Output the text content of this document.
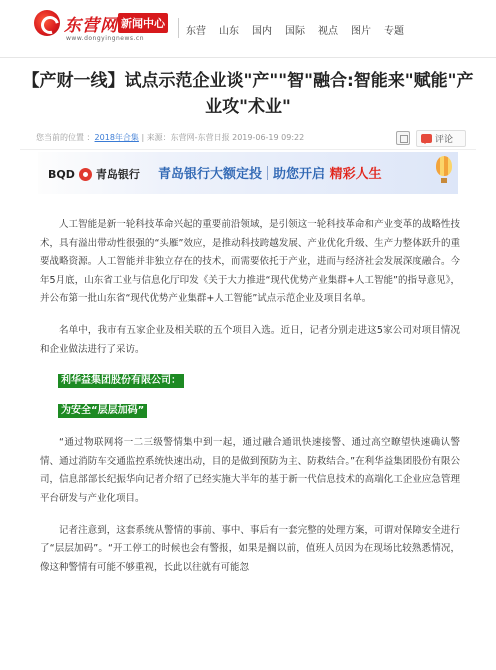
东营网 新闻中心
www.dongyingnews.cn
东营 山东 国内 国际 视点 图片 专题
【产财一线】试点示范企业谈"产""智"融合:智能来"赋能"产业攻"术业"
您当前的位置 ：2018年合集 | 来源：东营网-东营日报 2019-06-19 09:22	评论
BQD 青岛银行 青岛银行大额定投 助您开启 精彩人生

人工智能是新一轮科技革命兴起的重要前沿领域，是引领这一轮科技革命和产业变革的战略性技术，具有溢出带动性很强的“头雁”效应，是推动科技跨越发展、产业优化升级、生产力整体跃升的重要战略资源。人工智能并非独立存在的技术，而需要依托于产业，进而与经济社会发展深度融合。今年5月底，山东省工业与信息化厅印发《关于大力推进“现代优势产业集群+人工智能”的指导意见》，并公布第一批山东省“现代优势产业集群+人工智能”试点示范企业及项目名单。

名单中，我市有五家企业及相关联的五个项目入选。近日，记者分别走进这5家公司对项目情况和企业做法进行了采访。

利华益集团股份有限公司：
为安全“层层加码”

“通过物联网将一二三级警情集中到一起，通过融合通讯快速接警、通过高空瞭望快速确认警情、通过消防车交通监控系统快速出动，目的是做到预防为主、防救结合。”在利华益集团股份有限公司，信息部部长纪振华向记者介绍了已经实施大半年的基于新一代信息技术的高端化工企业应急管理平台研发与产业化项目。

记者注意到，这套系统从警情的事前、事中、事后有一套完整的处理方案，可谓对保障安全进行了“层层加码”。“开工停工的时候也会有警报，如果是搁以前，值班人员因为在现场比较熟悉情况，像这种警情有可能不够重视，长此以往就有可能忽
